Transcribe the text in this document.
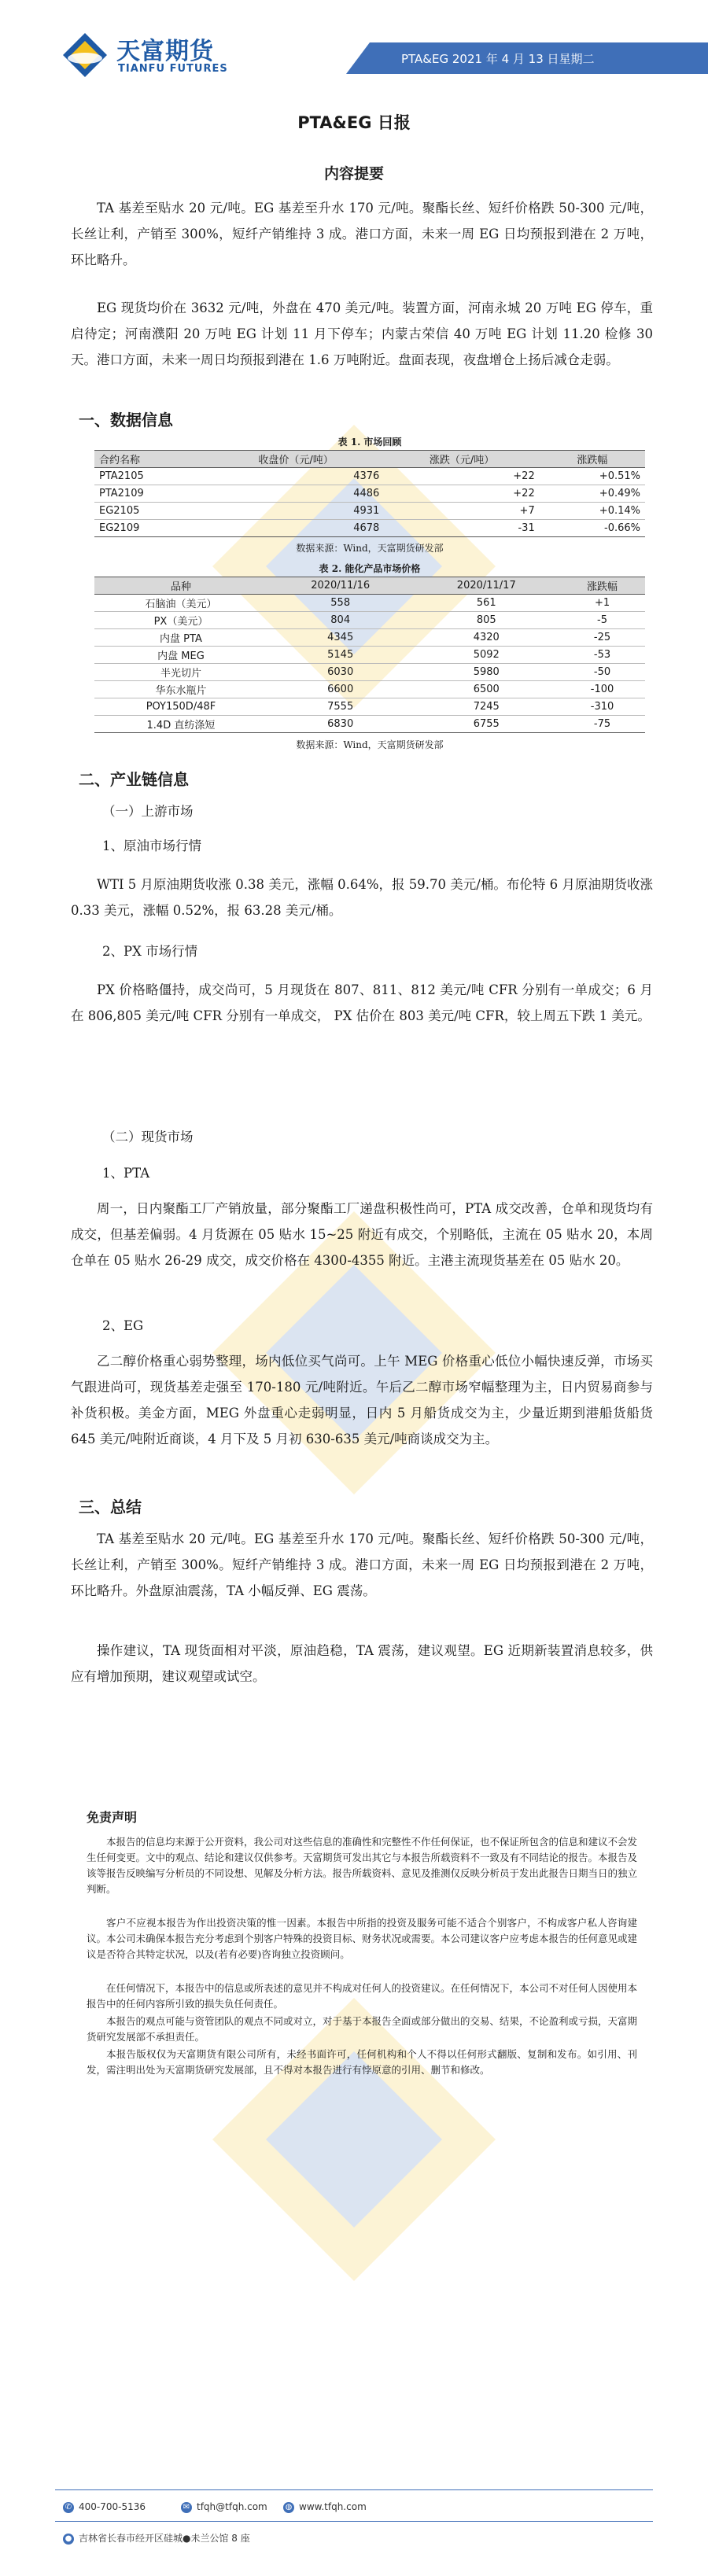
天富期货
TIANFU FUTURES
PTA&EG 2021 年 4 月 13 日星期二
PTA&EG 日报
内容提要
TA 基差至贴水 20 元/吨。EG 基差至升水 170 元/吨。聚酯长丝、短纤价格跌 50-300 元/吨，长丝让利，产销至 300%，短纤产销维持 3 成。港口方面，未来一周 EG 日均预报到港在 2 万吨，环比略升。
EG 现货均价在 3632 元/吨，外盘在 470 美元/吨。装置方面，河南永城 20 万吨 EG 停车，重启待定；河南濮阳 20 万吨 EG 计划 11 月下停车；内蒙古荣信 40 万吨 EG 计划 11.20 检修 30 天。港口方面，未来一周日均预报到港在 1.6 万吨附近。盘面表现，夜盘增仓上扬后减仓走弱。
一、数据信息
表 1. 市场回顾
合约名称	收盘价（元/吨）	涨跌（元/吨）	涨跌幅
PTA2105	4376	+22	+0.51%
PTA2109	4486	+22	+0.49%
EG2105	4931	+7	+0.14%
EG2109	4678	-31	-0.66%
数据来源：Wind，天富期货研发部
表 2. 能化产品市场价格
品种	2020/11/16	2020/11/17	涨跌幅
石脑油（美元）	558	561	+1
PX（美元）	804	805	-5
内盘 PTA	4345	4320	-25
内盘 MEG	5145	5092	-53
半光切片	6030	5980	-50
华东水瓶片	6600	6500	-100
POY150D/48F	7555	7245	-310
1.4D 直纺涤短	6830	6755	-75
数据来源：Wind，天富期货研发部
二、产业链信息
（一）上游市场
1、原油市场行情
WTI 5 月原油期货收涨 0.38 美元，涨幅 0.64%，报 59.70 美元/桶。布伦特 6 月原油期货收涨 0.33 美元，涨幅 0.52%，报 63.28 美元/桶。
2、PX 市场行情
PX 价格略僵持，成交尚可，5 月现货在 807、811、812 美元/吨 CFR 分别有一单成交；6 月在 806,805 美元/吨 CFR 分别有一单成交， PX 估价在 803 美元/吨 CFR，较上周五下跌 1 美元。
（二）现货市场
1、PTA
周一，日内聚酯工厂产销放量，部分聚酯工厂递盘积极性尚可，PTA 成交改善，仓单和现货均有成交，但基差偏弱。4 月货源在 05 贴水 15~25 附近有成交，个别略低，主流在 05 贴水 20，本周仓单在 05 贴水 26-29 成交，成交价格在 4300-4355 附近。主港主流现货基差在 05 贴水 20。
2、EG
乙二醇价格重心弱势整理，场内低位买气尚可。上午 MEG 价格重心低位小幅快速反弹，市场买气跟进尚可，现货基差走强至 170-180 元/吨附近。午后乙二醇市场窄幅整理为主，日内贸易商参与补货积极。美金方面，MEG 外盘重心走弱明显，日内 5 月船货成交为主，少量近期到港船货船货 645 美元/吨附近商谈，4 月下及 5 月初 630-635 美元/吨商谈成交为主。
三、总结
TA 基差至贴水 20 元/吨。EG 基差至升水 170 元/吨。聚酯长丝、短纤价格跌 50-300 元/吨，长丝让利，产销至 300%。短纤产销维持 3 成。港口方面，未来一周 EG 日均预报到港在 2 万吨，环比略升。外盘原油震荡，TA 小幅反弹、EG 震荡。
操作建议，TA 现货面相对平淡，原油趋稳，TA 震荡，建议观望。EG 近期新装置消息较多，供应有增加预期，建议观望或试空。
免责声明
本报告的信息均来源于公开资料，我公司对这些信息的准确性和完整性不作任何保证，也不保证所包含的信息和建议不会发生任何变更。文中的观点、结论和建议仅供参考。天富期货可发出其它与本报告所载资料不一致及有不同结论的报告。本报告及该等报告反映编写分析员的不同设想、见解及分析方法。报告所载资料、意见及推测仅反映分析员于发出此报告日期当日的独立判断。
客户不应视本报告为作出投资决策的惟一因素。本报告中所指的投资及服务可能不适合个别客户，不构成客户私人咨询建议。本公司未确保本报告充分考虑到个别客户特殊的投资目标、财务状况或需要。本公司建议客户应考虑本报告的任何意见或建议是否符合其特定状况，以及(若有必要)咨询独立投资顾问。
在任何情况下，本报告中的信息或所表述的意见并不构成对任何人的投资建议。在任何情况下，本公司不对任何人因使用本报告中的任何内容所引致的损失负任何责任。
本报告的观点可能与资管团队的观点不同或对立，对于基于本报告全面或部分做出的交易、结果，不论盈利或亏损，天富期货研究发展部不承担责任。
本报告版权仅为天富期货有限公司所有，未经书面许可，任何机构和个人不得以任何形式翻版、复制和发布。如引用、刊发，需注明出处为天富期货研究发展部，且不得对本报告进行有悖原意的引用、删节和修改。
✆ 400-700-5136	✉ tfqh@tfqh.com ◍ www.tfqh.com
● 吉林省长春市经开区硅城●未兰公馆 8 座
